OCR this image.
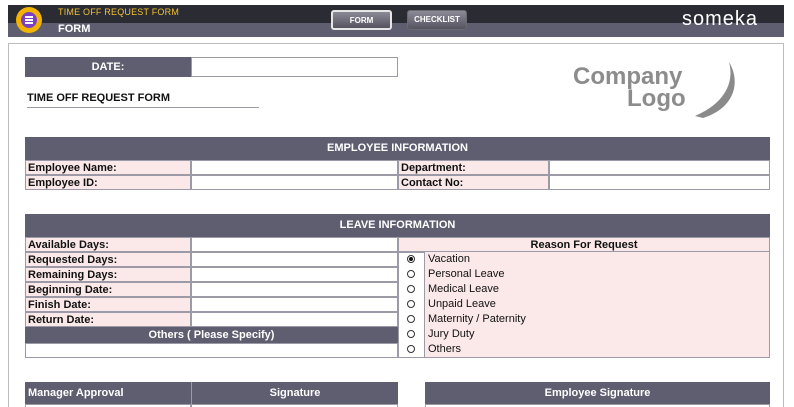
TIME OFF REQUEST FORM
FORM
FORM	CHECKLIST	someka
DATE:
TIME OFF REQUEST FORM
Company
Logo
EMPLOYEE INFORMATION
Employee Name:	Department:
Employee ID:	Contact No:
LEAVE INFORMATION
Available Days:
Requested Days:
Remaining Days:
Beginning Date:
Finish Date:
Return Date:
Others ( Please Specify)
Reason For Request
Vacation
Personal Leave
Medical Leave
Unpaid Leave
Maternity / Paternity
Jury Duty
Others
Manager Approval	Signature	Employee Signature
